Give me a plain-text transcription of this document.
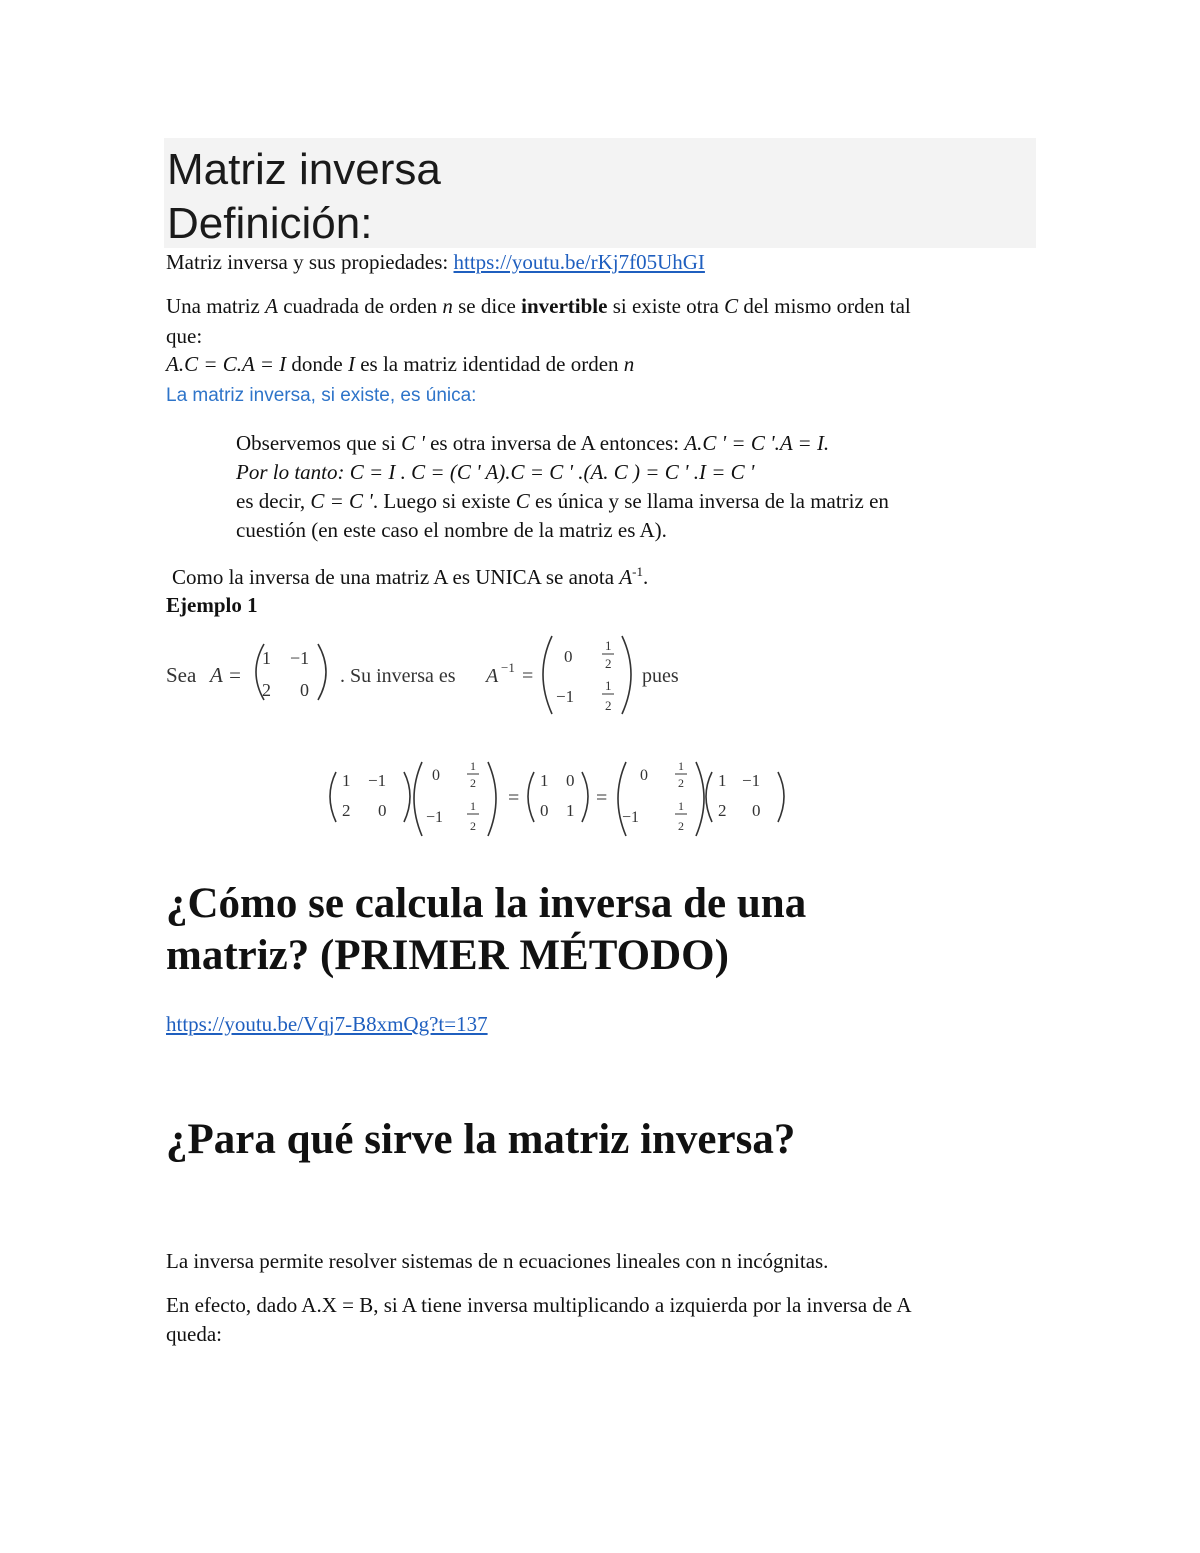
Matriz inversa
Definición:
Matriz inversa y sus propiedades: https://youtu.be/rKj7f05UhGI
Una matriz A cuadrada de orden n se dice invertible si existe otra C del mismo orden tal
que:
A.C = C.A = I donde I es la matriz identidad de orden n
La matriz inversa, si existe, es única:
Observemos que si C ' es otra inversa de A entonces: A.C ' = C '.A = I.
Por lo tanto: C = I . C = (C ' A).C = C ' .(A. C ) = C ' .I = C '
es decir, C = C '. Luego si existe C es única y se llama inversa de la matriz en
cuestión (en este caso el nombre de la matriz es A).
Como la inversa de una matriz A es UNICA se anota $A^{-1}$.
Ejemplo 1
Sea A =
1 −1
2 0
. Su inversa es A −1 =
0
1
2
−1
1
2
pues
1 −1
2 0
0
1
2
−1
1
2
=
1 0
0 1
=
0
1
2
−1
1
2
1 −1
2 0
¿Cómo se calcula la inversa de una
matriz? (PRIMER MÉTODO)
https://youtu.be/Vqj7-B8xmQg?t=137
¿Para qué sirve la matriz inversa?
La inversa permite resolver sistemas de n ecuaciones lineales con n incógnitas.
En efecto, dado A.X = B, si A tiene inversa multiplicando a izquierda por la inversa de A
queda:
